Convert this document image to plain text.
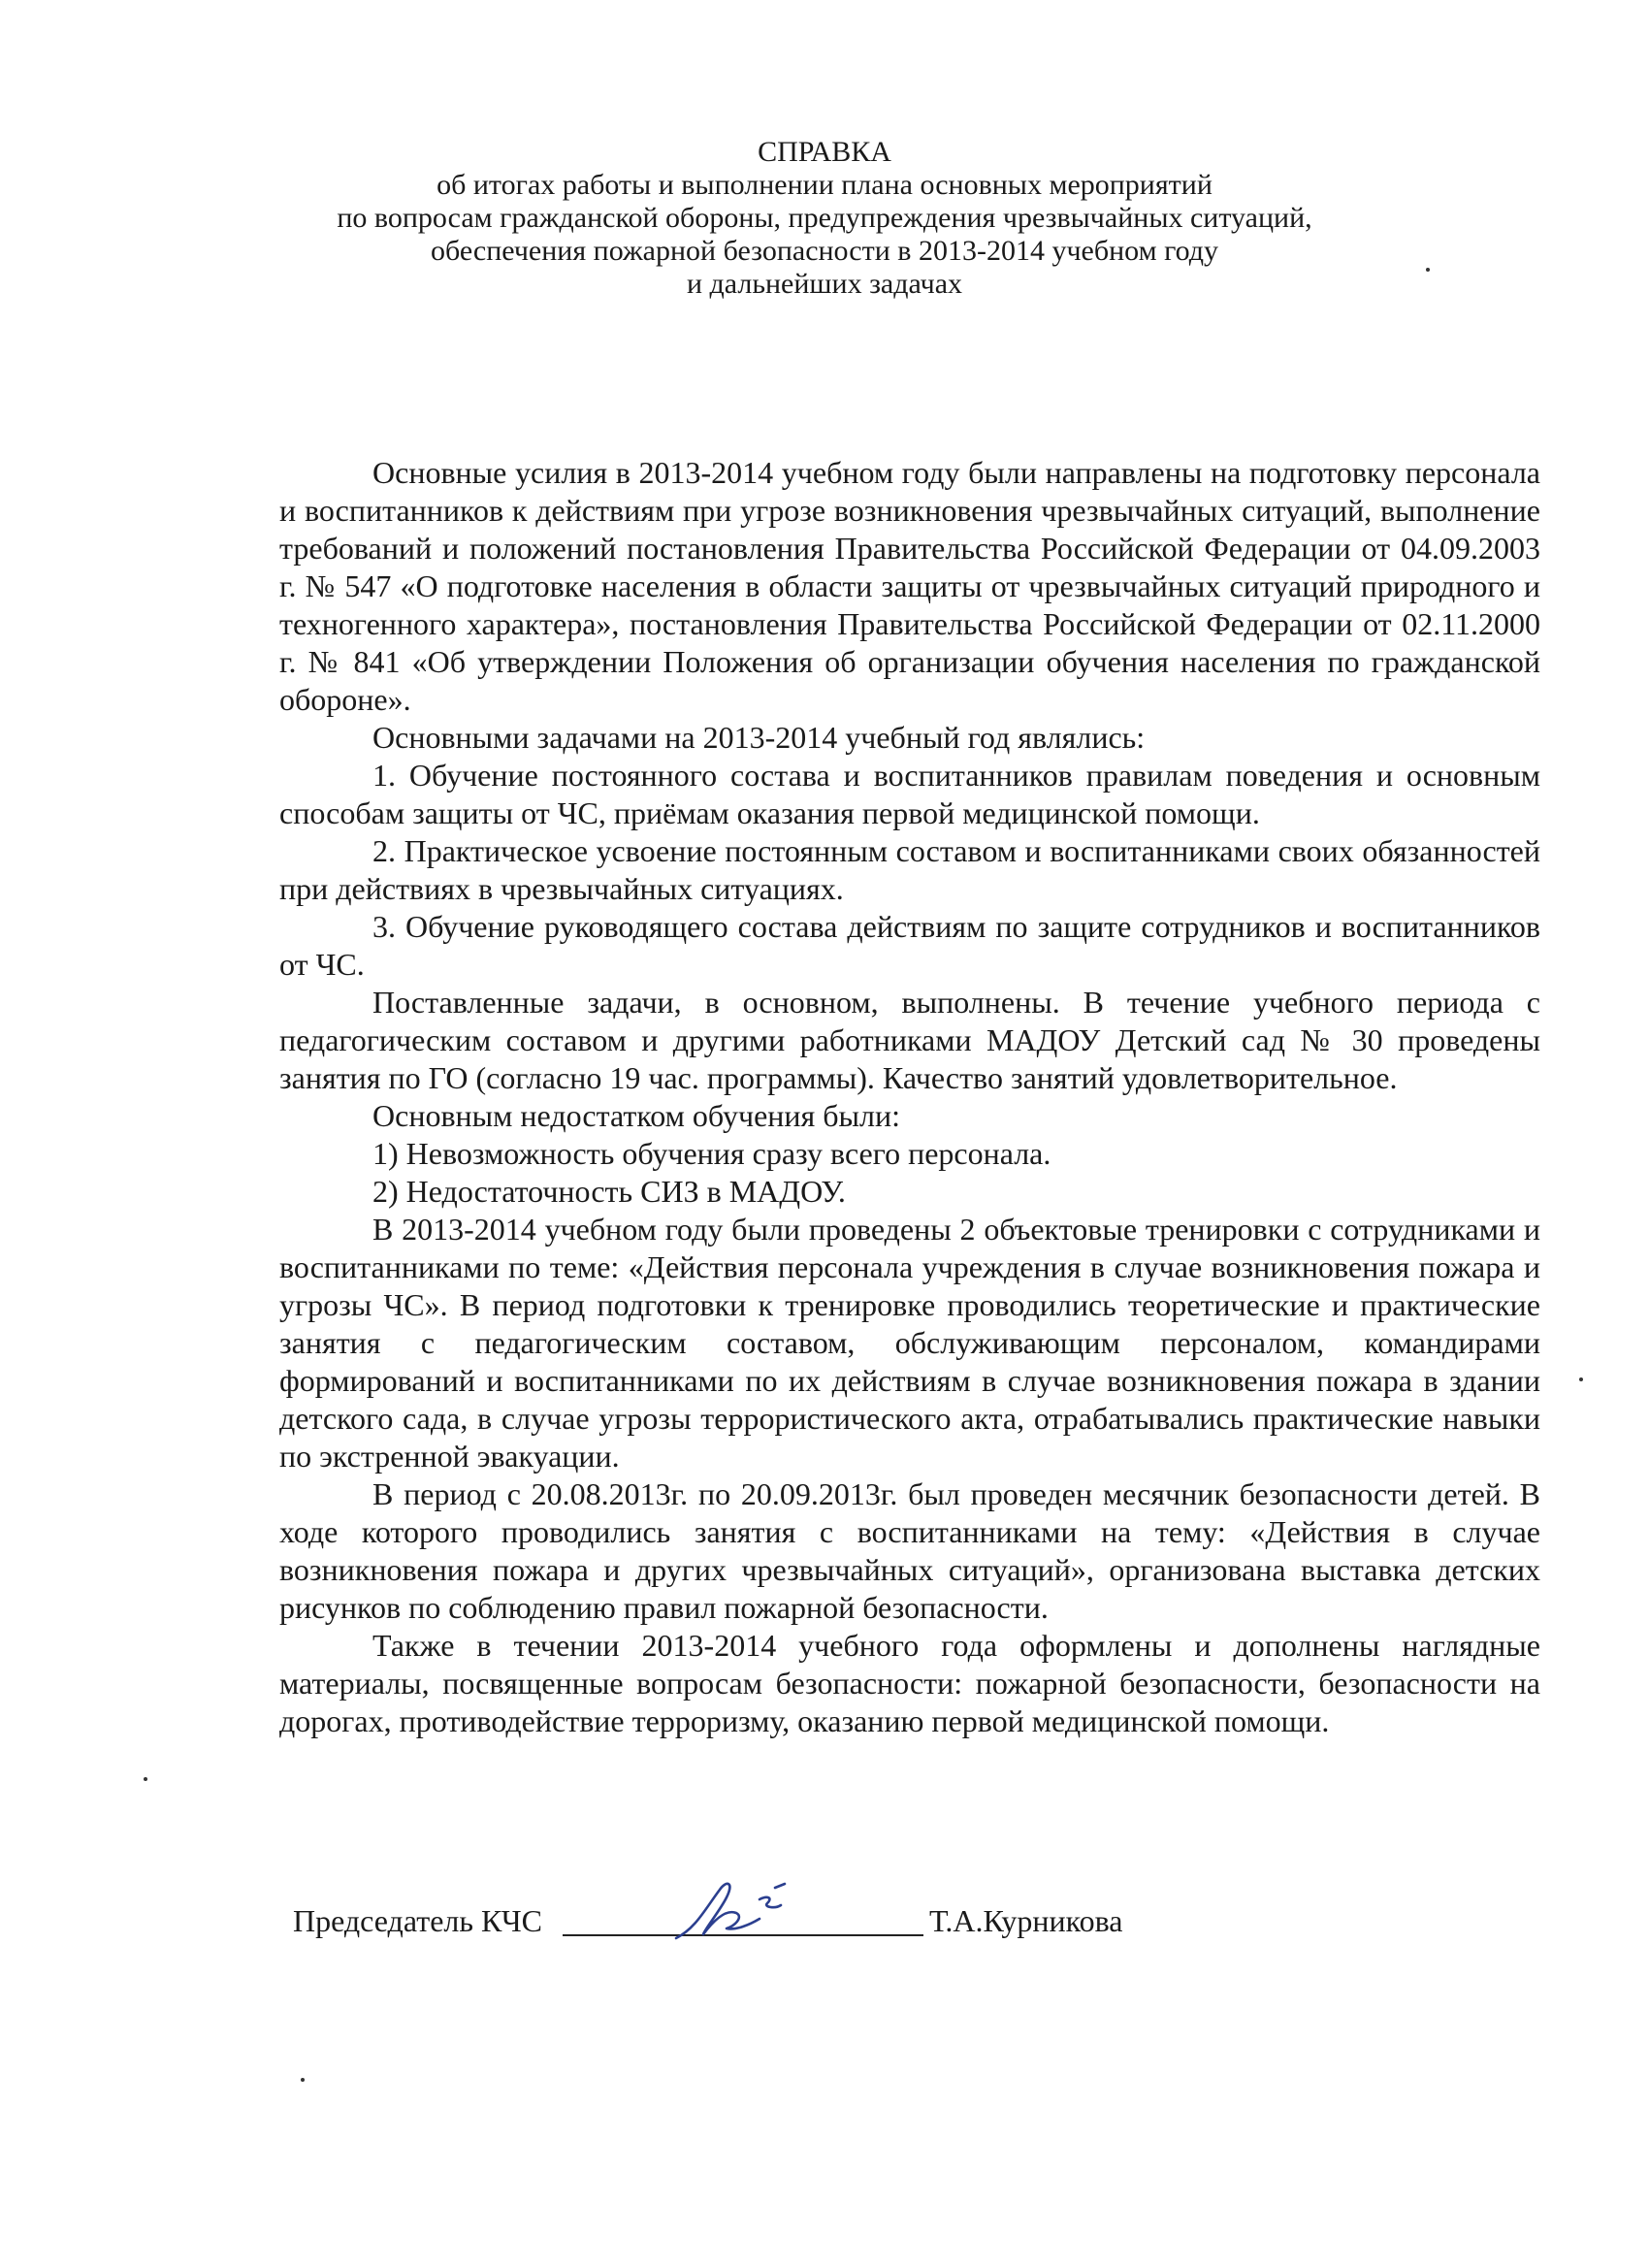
СПРАВКА
об итогах работы и выполнении плана основных мероприятий
по вопросам гражданской обороны, предупреждения чрезвычайных ситуаций,
обеспечения пожарной безопасности в 2013-2014 учебном году
и дальнейших задачах

Основные усилия в 2013-2014 учебном году были направлены на подготовку персонала и воспитанников к действиям при угрозе возникновения чрезвычайных ситуаций, выполнение требований и положений постановления Правительства Российской Федерации от 04.09.2003 г. № 547 «О подготовке населения в области защиты от чрезвычайных ситуаций природного и техногенного характера», постановления Правительства Российской Федерации от 02.11.2000 г. № 841 «Об утверждении Положения об организации обучения населения по гражданской обороне».

Основными задачами на 2013-2014 учебный год являлись:

1. Обучение постоянного состава и воспитанников правилам поведения и основным способам защиты от ЧС, приёмам оказания первой медицинской помощи.

2. Практическое усвоение постоянным составом и воспитанниками своих обязанностей при действиях в чрезвычайных ситуациях.

3. Обучение руководящего состава действиям по защите сотрудников и воспитанников от ЧС.

Поставленные задачи, в основном, выполнены. В течение учебного периода с педагогическим составом и другими работниками МАДОУ Детский сад № 30 проведены занятия по ГО (согласно 19 час. программы). Качество занятий удовлетворительное.

Основным недостатком обучения были:

1) Невозможность обучения сразу всего персонала.

2) Недостаточность СИЗ в МАДОУ.

В 2013-2014 учебном году были проведены 2 объектовые тренировки с сотрудниками и воспитанниками по теме: «Действия персонала учреждения в случае возникновения пожара и угрозы ЧС». В период подготовки к тренировке проводились теоретические и практические занятия с педагогическим составом, обслуживающим персоналом, командирами формирований и воспитанниками по их действиям в случае возникновения пожара в здании детского сада, в случае угрозы террористического акта, отрабатывались практические навыки по экстренной эвакуации.

В период с 20.08.2013г. по 20.09.2013г. был проведен месячник безопасности детей. В ходе которого проводились занятия с воспитанниками на тему: «Действия в случае возникновения пожара и других чрезвычайных ситуаций», организована выставка детских рисунков по соблюдению правил пожарной безопасности.

Также в течении 2013-2014 учебного года оформлены и дополнены наглядные материалы, посвященные вопросам безопасности: пожарной безопасности, безопасности на дорогах, противодействие терроризму, оказанию первой медицинской помощи.

Председатель КЧС	Т.А.Курникова
